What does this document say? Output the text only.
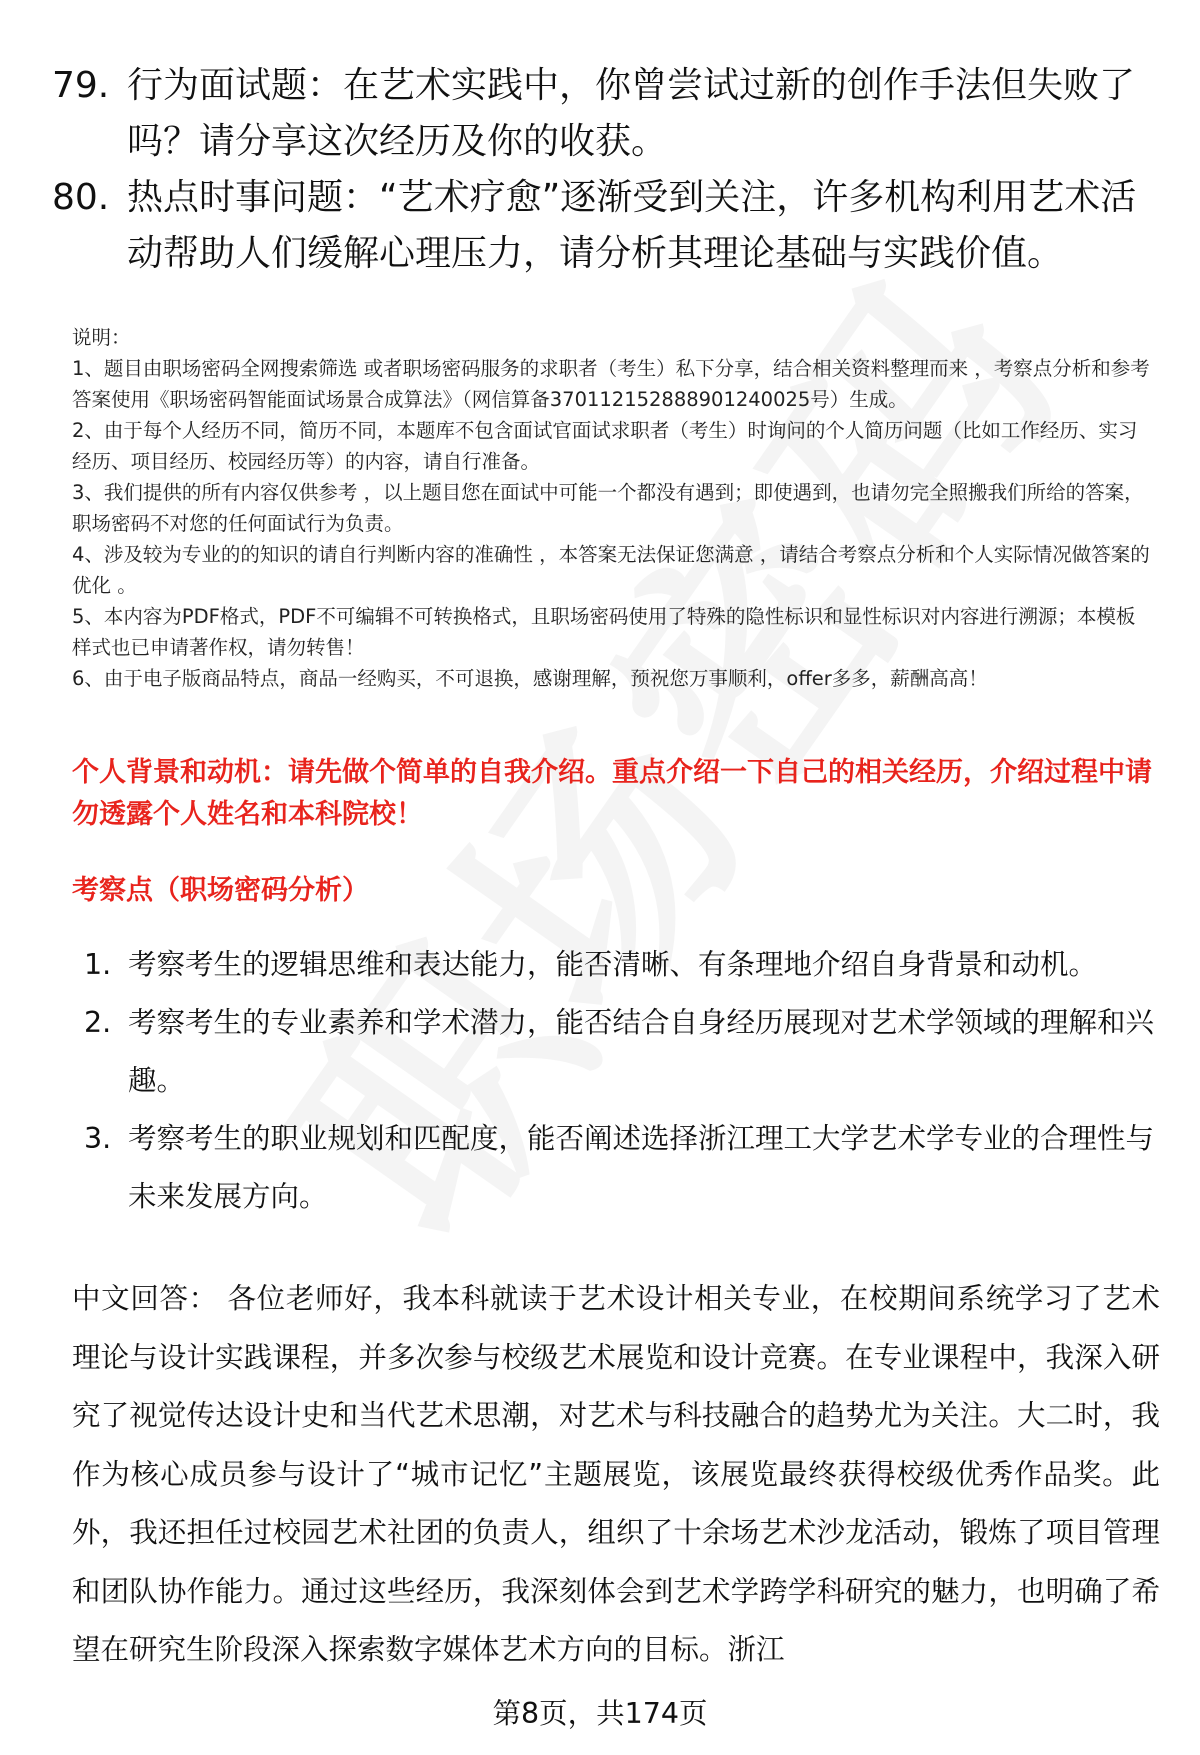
79. 行为面试题：在艺术实践中，你曾尝试过新的创作手法但失败了吗？请分享这次经历及你的收获。
80. 热点时事问题：“艺术疗愈”逐渐受到关注，许多机构利用艺术活动帮助人们缓解心理压力，请分析其理论基础与实践价值。

说明：

1、题目由职场密码全网搜索筛选 或者职场密码服务的求职者（考生）私下分享，结合相关资料整理而来 ，考察点分析和参考答案使用《职场密码智能面试场景合成算法》（网信算备370112152888901240025号）生成。

2、由于每个人经历不同，简历不同，本题库不包含面试官面试求职者（考生）时询问的个人简历问题（比如工作经历、实习经历、项目经历、校园经历等）的内容，请自行准备。

3、我们提供的所有内容仅供参考 ，以上题目您在面试中可能一个都没有遇到；即使遇到，也请勿完全照搬我们所给的答案，职场密码不对您的任何面试行为负责。

4、涉及较为专业的的知识的请自行判断内容的准确性 ，本答案无法保证您满意 ，请结合考察点分析和个人实际情况做答案的优化 。

5、本内容为PDF格式，PDF不可编辑不可转换格式，且职场密码使用了特殊的隐性标识和显性标识对内容进行溯源；本模板样式也已申请著作权，请勿转售！

6、由于电子版商品特点，商品一经购买，不可退换，感谢理解，预祝您万事顺利，offer多多，薪酬高高！

个人背景和动机：请先做个简单的自我介绍。重点介绍一下自己的相关经历，介绍过程中请勿透露个人姓名和本科院校！

考察点（职场密码分析）

1. 考察考生的逻辑思维和表达能力，能否清晰、有条理地介绍自身背景和动机。
2. 考察考生的专业素养和学术潜力，能否结合自身经历展现对艺术学领域的理解和兴趣。
3. 考察考生的职业规划和匹配度，能否阐述选择浙江理工大学艺术学专业的合理性与未来发展方向。

中文回答： 各位老师好，我本科就读于艺术设计相关专业，在校期间系统学习了艺术理论与设计实践课程，并多次参与校级艺术展览和设计竞赛。在专业课程中，我深入研究了视觉传达设计史和当代艺术思潮，对艺术与科技融合的趋势尤为关注。大二时，我作为核心成员参与设计了“城市记忆”主题展览，该展览最终获得校级优秀作品奖。此外，我还担任过校园艺术社团的负责人，组织了十余场艺术沙龙活动，锻炼了项目管理和团队协作能力。通过这些经历，我深刻体会到艺术学跨学科研究的魅力，也明确了希望在研究生阶段深入探索数字媒体艺术方向的目标。浙江

第8页，共174页
